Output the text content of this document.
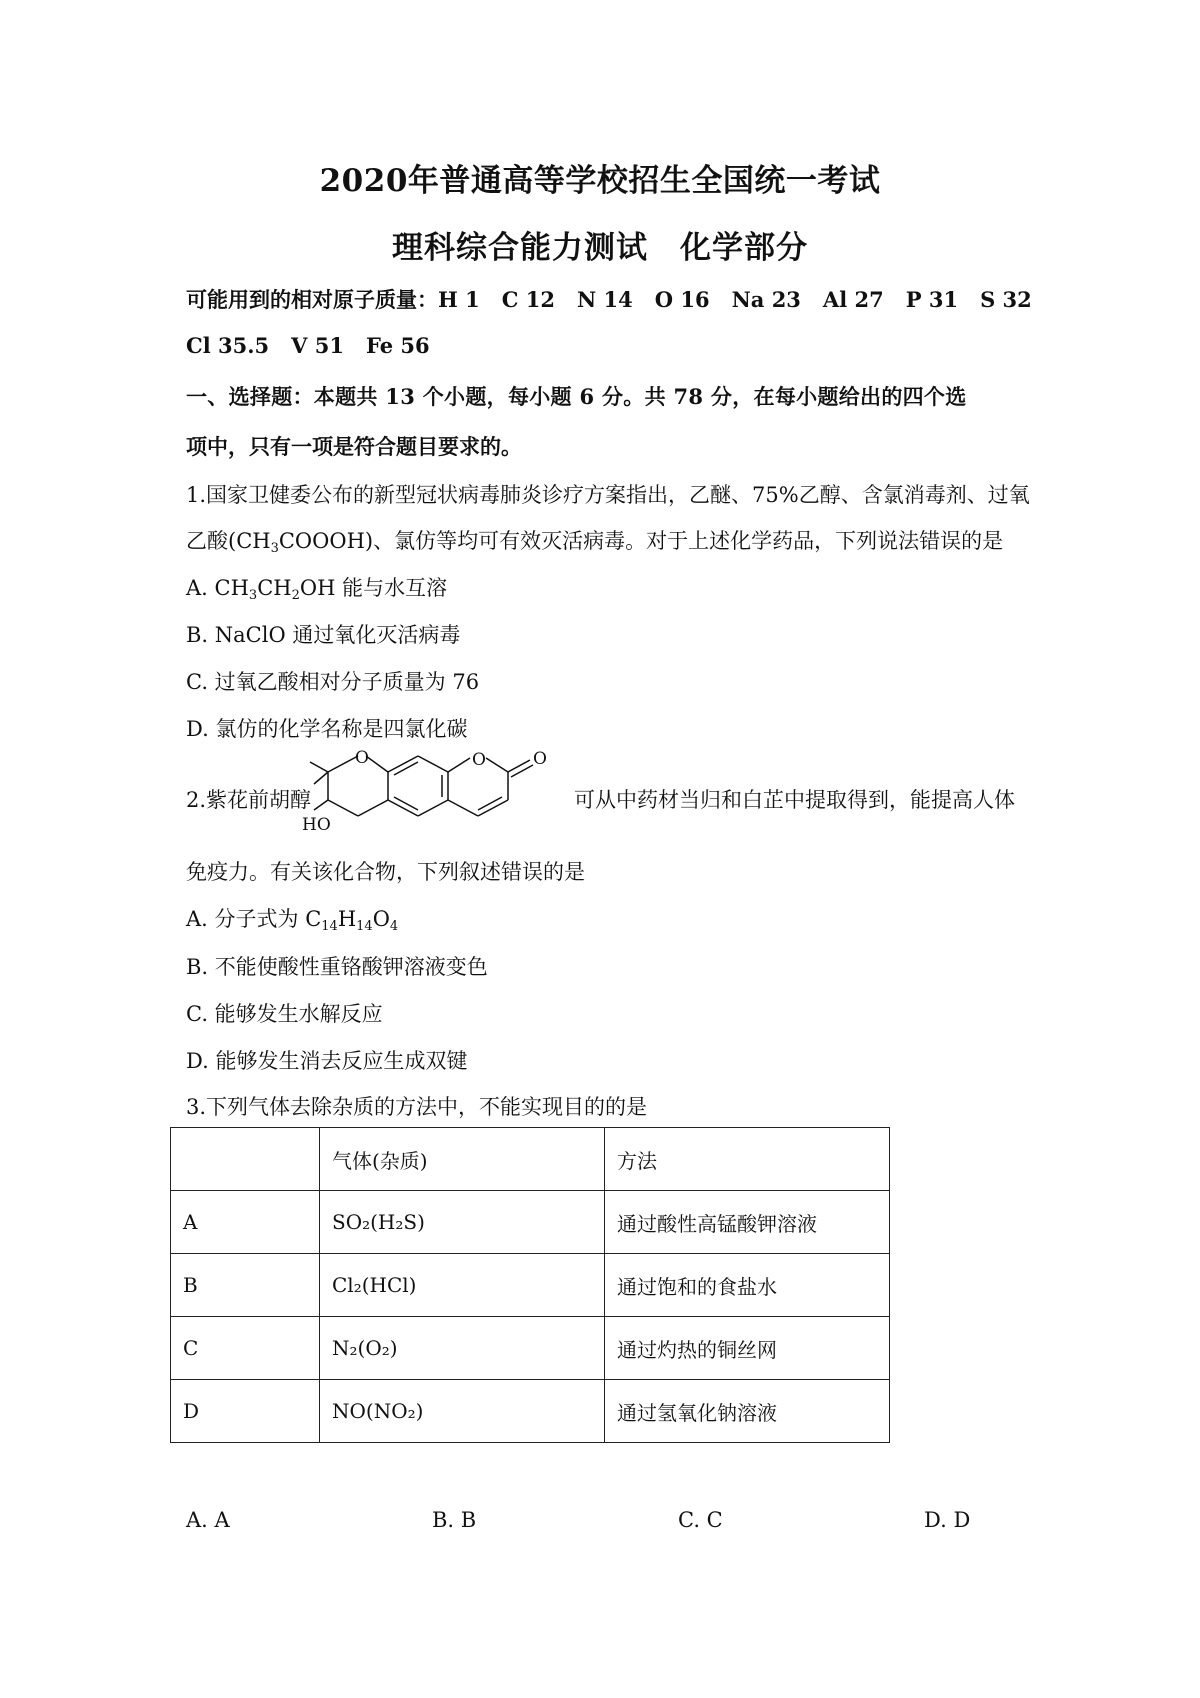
2020年普通高等学校招生全国统一考试
理科综合能力测试　化学部分
可能用到的相对原子质量：H 1 C 12 N 14 O 16 Na 23 Al 27 P 31 S 32
Cl 35.5 V 51 Fe 56
一、选择题：本题共 13 个小题，每小题 6 分。共 78 分，在每小题给出的四个选
项中，只有一项是符合题目要求的。
1.国家卫健委公布的新型冠状病毒肺炎诊疗方案指出，乙醚、75%乙醇、含氯消毒剂、过氧
乙酸$(CH_3COOOH)$、氯仿等均可有效灭活病毒。对于上述化学药品，下列说法错误的是
A. $CH_3CH_2OH$ 能与水互溶
B. NaClO 通过氧化灭活病毒
C. 过氧乙酸相对分子质量为 76
D. 氯仿的化学名称是四氯化碳
2.紫花前胡醇
O	O	O
HO
可从中药材当归和白芷中提取得到，能提高人体
免疫力。有关该化合物，下列叙述错误的是
A. 分子式为 $C_{14}H_{14}O_4$
B. 不能使酸性重铬酸钾溶液变色
C. 能够发生水解反应
D. 能够发生消去反应生成双键
3.下列气体去除杂质的方法中，不能实现目的的是
	气体(杂质)	方法
A	SO₂(H₂S)	通过酸性高锰酸钾溶液
B	Cl₂(HCl)	通过饱和的食盐水
C	N₂(O₂)	通过灼热的铜丝网
D	NO(NO₂)	通过氢氧化钠溶液
A. A	B. B	C. C	D. D
